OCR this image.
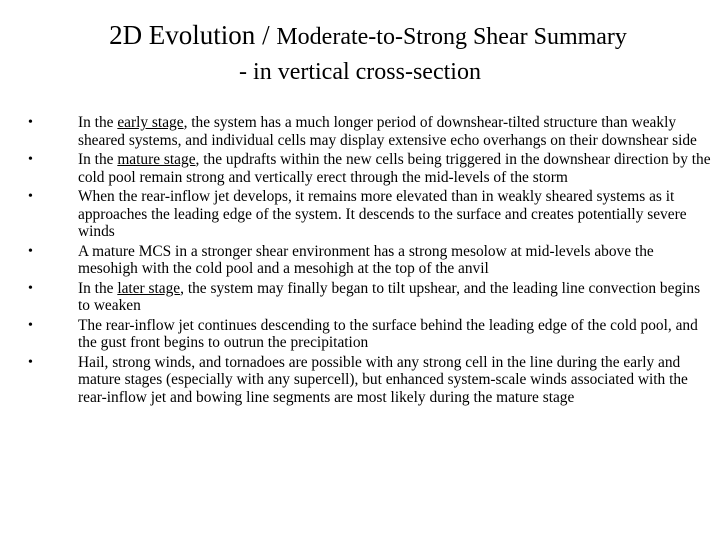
2D Evolution / Moderate-to-Strong Shear Summary
- in vertical cross-section
•	In the early stage, the system has a much longer period of downshear-tilted structure than weakly sheared systems, and individual cells may display extensive echo overhangs on their downshear side
•	In the mature stage, the updrafts within the new cells being triggered in the downshear direction by the cold pool remain strong and vertically erect through the mid-levels of the storm
•	When the rear-inflow jet develops, it remains more elevated than in weakly sheared systems as it approaches the leading edge of the system. It descends to the surface and creates potentially severe winds
•	A mature MCS in a stronger shear environment has a strong mesolow at mid-levels above the mesohigh with the cold pool and a mesohigh at the top of the anvil
•	In the later stage, the system may finally began to tilt upshear, and the leading line convection begins to weaken
•	The rear-inflow jet continues descending to the surface behind the leading edge of the cold pool, and the gust front begins to outrun the precipitation
•	Hail, strong winds, and tornadoes are possible with any strong cell in the line during the early and mature stages (especially with any supercell), but enhanced system-scale winds associated with the rear-inflow jet and bowing line segments are most likely during the mature stage
